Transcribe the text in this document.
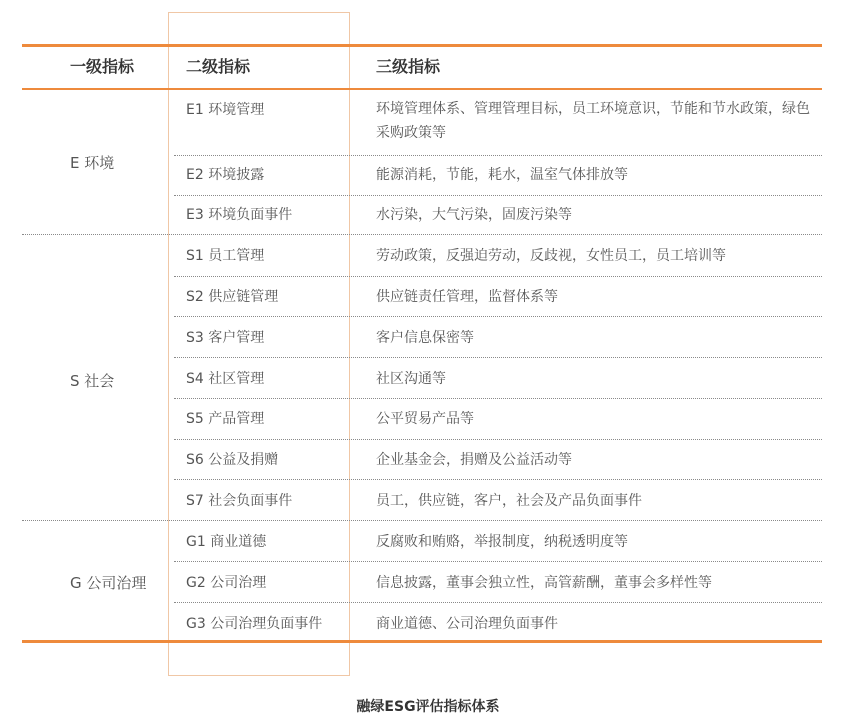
一级指标	二级指标	三级指标
E 环境
E1 环境管理	环境管理体系、管理管理目标，员工环境意识，节能和节水政策，绿色采购政策等
E2 环境披露	能源消耗，节能，耗水，温室气体排放等
E3 环境负面事件	水污染，大气污染，固废污染等
S 社会
S1 员工管理	劳动政策，反强迫劳动，反歧视，女性员工，员工培训等
S2 供应链管理	供应链责任管理，监督体系等
S3 客户管理	客户信息保密等
S4 社区管理	社区沟通等
S5 产品管理	公平贸易产品等
S6 公益及捐赠	企业基金会，捐赠及公益活动等
S7 社会负面事件	员工，供应链，客户，社会及产品负面事件
G 公司治理
G1 商业道德	反腐败和贿赂，举报制度，纳税透明度等
G2 公司治理	信息披露，董事会独立性，高管薪酬，董事会多样性等
G3 公司治理负面事件	商业道德、公司治理负面事件
融绿ESG评估指标体系
